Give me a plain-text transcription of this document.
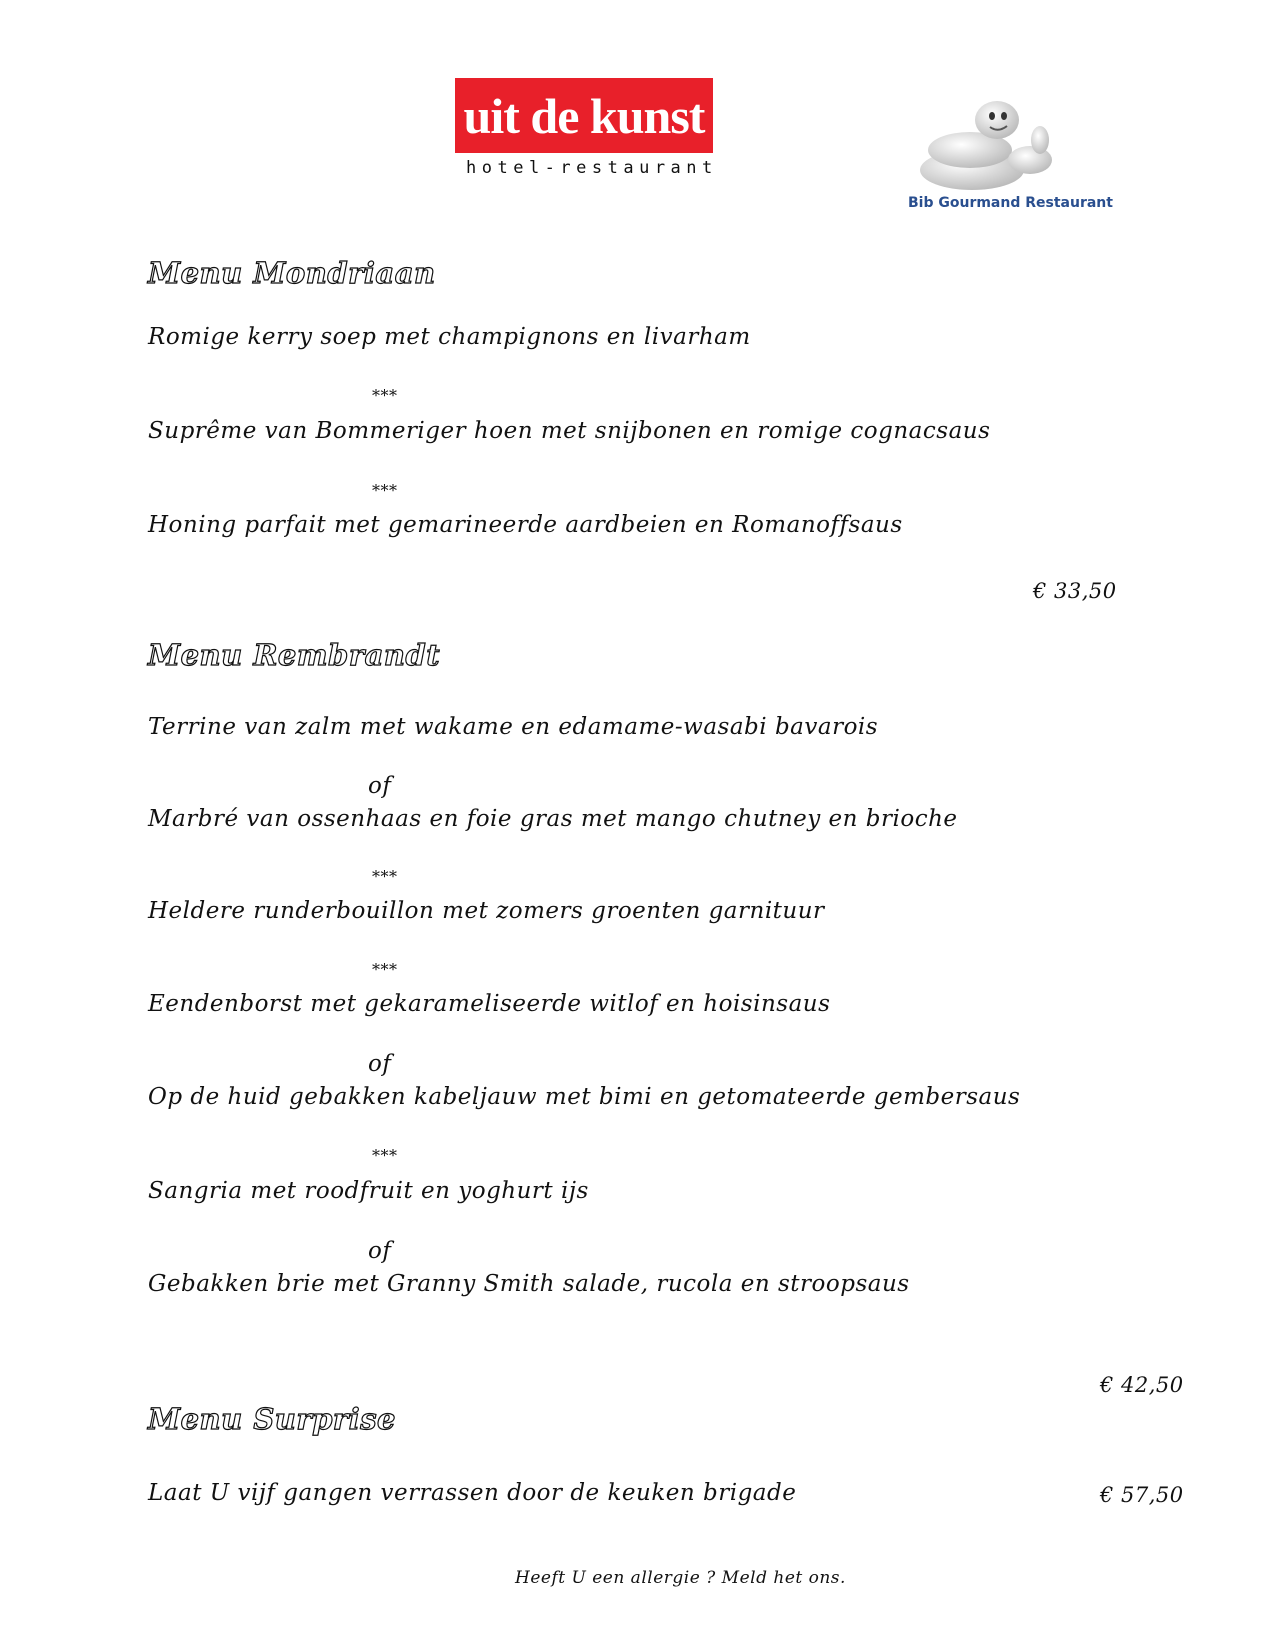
uit de kunst
hotel-restaurant
Bib Gourmand Restaurant
Menu Mondriaan
Romige kerry soep met champignons en livarham
***
Suprême van Bommeriger hoen met snijbonen en romige cognacsaus
***
Honing parfait met gemarineerde aardbeien en Romanoffsaus
€ 33,50
Menu Rembrandt
Terrine van zalm met wakame en edamame-wasabi bavarois
of
Marbré van ossenhaas en foie gras met mango chutney en brioche
***
Heldere runderbouillon met zomers groenten garnituur
***
Eendenborst met gekarameliseerde witlof en hoisinsaus
of
Op de huid gebakken kabeljauw met bimi en getomateerde gembersaus
***
Sangria met roodfruit en yoghurt ijs
of
Gebakken brie met Granny Smith salade, rucola en stroopsaus
€ 42,50
Menu Surprise
Laat U vijf gangen verrassen door de keuken brigade	€ 57,50
Heeft U een allergie ? Meld het ons.
